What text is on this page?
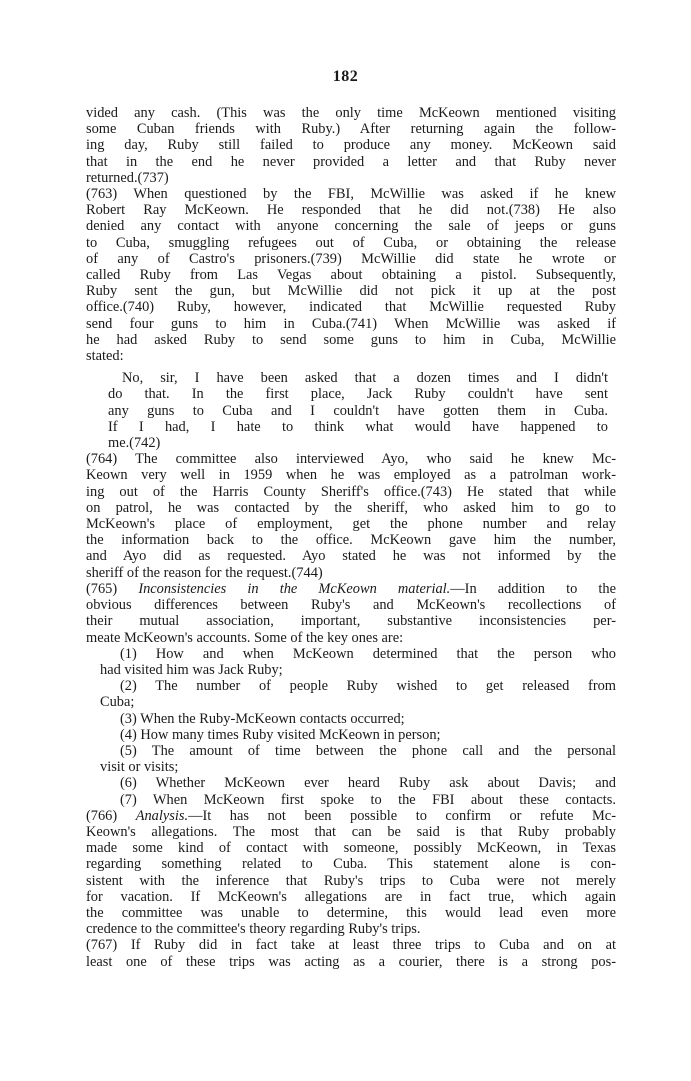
182

vided any cash. (This was the only time McKeown mentioned visiting
some Cuban friends with Ruby.) After returning again the follow-
ing day, Ruby still failed to produce any money. McKeown said
that in the end he never provided a letter and that Ruby never
returned.(737)

(763) When questioned by the FBI, McWillie was asked if he knew
Robert Ray McKeown. He responded that he did not.(738) He also
denied any contact with anyone concerning the sale of jeeps or guns
to Cuba, smuggling refugees out of Cuba, or obtaining the release
of any of Castro's prisoners.(739) McWillie did state he wrote or
called Ruby from Las Vegas about obtaining a pistol. Subsequently,
Ruby sent the gun, but McWillie did not pick it up at the post
office.(740) Ruby, however, indicated that McWillie requested Ruby
send four guns to him in Cuba.(741) When McWillie was asked if
he had asked Ruby to send some guns to him in Cuba, McWillie
stated:

No, sir, I have been asked that a dozen times and I didn't
do that. In the first place, Jack Ruby couldn't have sent
any guns to Cuba and I couldn't have gotten them in Cuba.
If I had, I hate to think what would have happened to
me.(742)

(764) The committee also interviewed Ayo, who said he knew Mc-
Keown very well in 1959 when he was employed as a patrolman work-
ing out of the Harris County Sheriff's office.(743) He stated that while
on patrol, he was contacted by the sheriff, who asked him to go to
McKeown's place of employment, get the phone number and relay
the information back to the office. McKeown gave him the number,
and Ayo did as requested. Ayo stated he was not informed by the
sheriff of the reason for the request.(744)

(765) Inconsistencies in the McKeown material.—In addition to the
obvious differences between Ruby's and McKeown's recollections of
their mutual association, important, substantive inconsistencies per-
meate McKeown's accounts. Some of the key ones are:

(1) How and when McKeown determined that the person who
had visited him was Jack Ruby;
(2) The number of people Ruby wished to get released from
Cuba;
(3) When the Ruby-McKeown contacts occurred;
(4) How many times Ruby visited McKeown in person;
(5) The amount of time between the phone call and the personal
visit or visits;
(6) Whether McKeown ever heard Ruby ask about Davis; and
(7) When McKeown first spoke to the FBI about these contacts.

(766) Analysis.—It has not been possible to confirm or refute Mc-
Keown's allegations. The most that can be said is that Ruby probably
made some kind of contact with someone, possibly McKeown, in Texas
regarding something related to Cuba. This statement alone is con-
sistent with the inference that Ruby's trips to Cuba were not merely
for vacation. If McKeown's allegations are in fact true, which again
the committee was unable to determine, this would lead even more
credence to the committee's theory regarding Ruby's trips.

(767) If Ruby did in fact take at least three trips to Cuba and on at
least one of these trips was acting as a courier, there is a strong pos-
